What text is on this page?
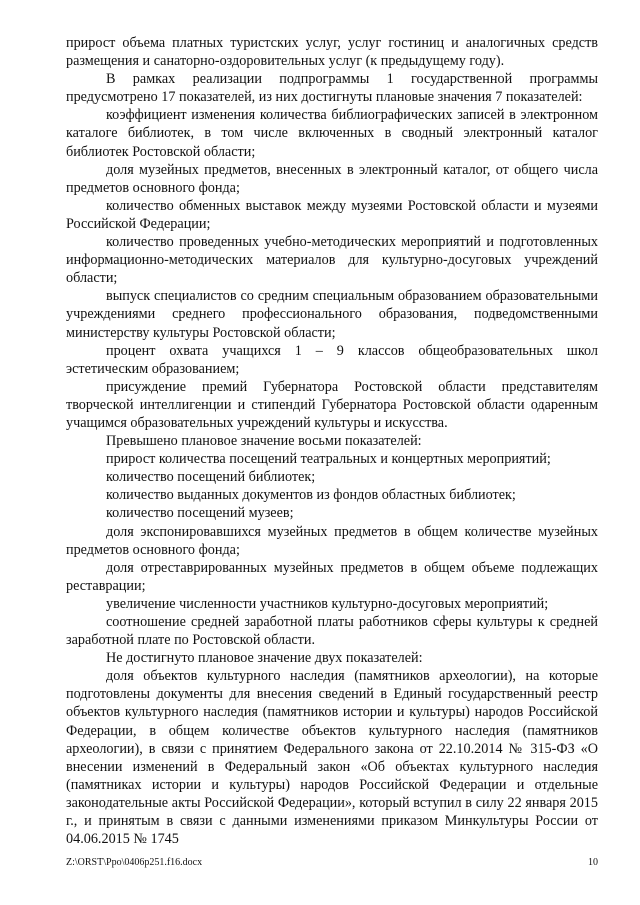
прирост объема платных туристских услуг, услуг гостиниц и аналогичных средств размещения и санаторно-оздоровительных услуг (к предыдущему году).

В рамках реализации подпрограммы 1 государственной программы предусмотрено 17 показателей, из них достигнуты плановые значения 7 показателей:

коэффициент изменения количества библиографических записей в электронном каталоге библиотек, в том числе включенных в сводный электронный каталог библиотек Ростовской области;

доля музейных предметов, внесенных в электронный каталог, от общего числа предметов основного фонда;

количество обменных выставок между музеями Ростовской области и музеями Российской Федерации;

количество проведенных учебно-методических мероприятий и подготовленных информационно-методических материалов для культурно-досуговых учреждений области;

выпуск специалистов со средним специальным образованием образовательными учреждениями среднего профессионального образования, подведомственными министерству культуры Ростовской области;

процент охвата учащихся 1 – 9 классов общеобразовательных школ эстетическим образованием;

присуждение премий Губернатора Ростовской области представителям творческой интеллигенции и стипендий Губернатора Ростовской области одаренным учащимся образовательных учреждений культуры и искусства.

Превышено плановое значение восьми показателей:

прирост количества посещений театральных и концертных мероприятий;

количество посещений библиотек;

количество выданных документов из фондов областных библиотек;

количество посещений музеев;

доля экспонировавшихся музейных предметов в общем количестве музейных предметов основного фонда;

доля отреставрированных музейных предметов в общем объеме подлежащих реставрации;

увеличение численности участников культурно-досуговых мероприятий;

соотношение средней заработной платы работников сферы культуры к средней заработной плате по Ростовской области.

Не достигнуто плановое значение двух показателей:

доля объектов культурного наследия (памятников археологии), на которые подготовлены документы для внесения сведений в Единый государственный реестр объектов культурного наследия (памятников истории и культуры) народов Российской Федерации, в общем количестве объектов культурного наследия (памятников археологии), в связи с принятием Федерального закона от 22.10.2014 № 315-ФЗ «О внесении изменений в Федеральный закон «Об объектах культурного наследия (памятниках истории и культуры) народов Российской Федерации и отдельные законодательные акты Российской Федерации», который вступил в силу 22 января 2015 г., и принятым в связи с данными изменениями приказом Минкультуры России от 04.06.2015 № 1745

Z:\ORST\Ppo\0406p251.f16.docx	10
